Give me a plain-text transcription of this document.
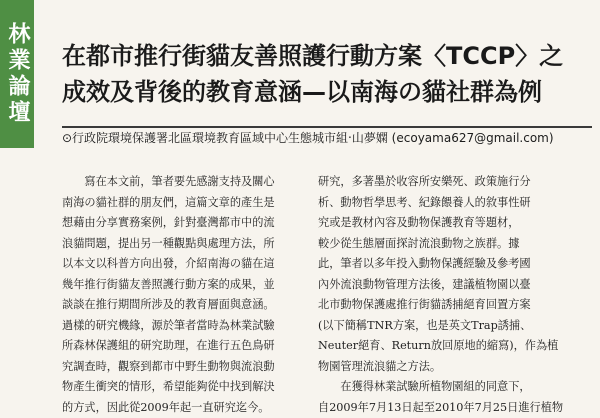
林業論壇 在都市推行街貓友善照護行動方案〈TCCP〉之
成效及背後的教育意涵—以南海の貓社群為例
⊙行政院環境保護署北區環境教育區域中心生態城市組‧山夢嫻 (ecoyama627@gmail.com)
寫在本文前，筆者要先感謝支持及關心
南海の貓社群的朋友們，這篇文章的產生是
想藉由分享實務案例，針對臺灣都市中的流
浪貓問題，提出另一種觀點與處理方法，所
以本文以科普方向出發，介紹南海の貓在這
幾年推行街貓友善照護行動方案的成果，並
談談在推行期間所涉及的教育層面與意涵。
過樣的研究機緣，源於筆者當時為林業試驗
所森林保護組的研究助理，在進行五色鳥研
究調查時，觀察到都市中野生動物與流浪動
物產生衝突的情形，希望能夠從中找到解決
的方式，因此從2009年起一直研究迄今。
研究，多著墨於收容所安樂死、政策施行分
析、動物哲學思考、紀錄餵養人的敘事性研
究或是教材內容及動物保護教育等題材，
較少從生態層面探討流浪動物之族群。據
此，筆者以多年投入動物保護經驗及參考國
內外流浪動物管理方法後，建議植物園以臺
北市動物保護處推行街貓誘捕絕育回置方案
(以下簡稱TNR方案，也是英文Trap誘捕、
Neuter絕育、Return放回原地的縮寫)，作為植
物園管理流浪貓之方法。
在獲得林業試驗所植物園組的同意下，
自2009年7月13日起至2010年7月25日進行植物
